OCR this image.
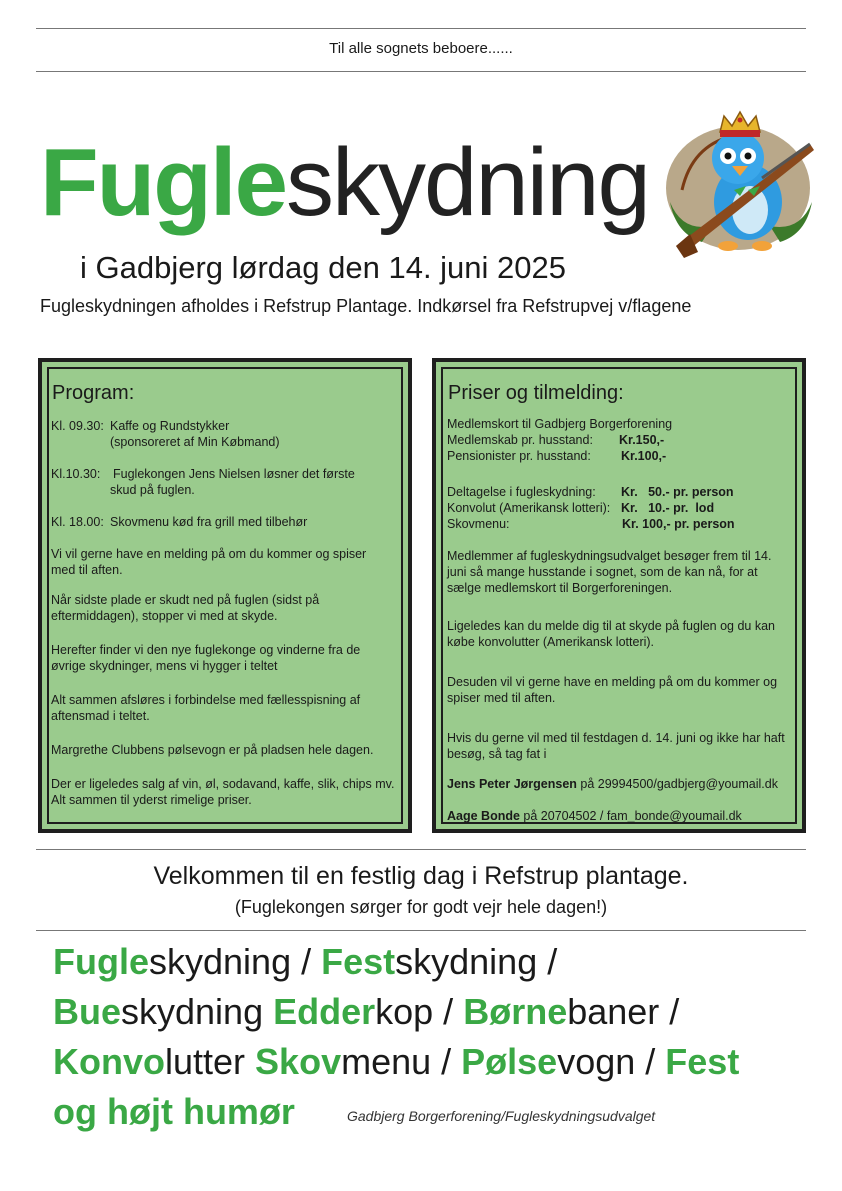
Til alle sognets beboere......
Fugleskydning
i Gadbjerg lørdag den 14. juni 2025
Fugleskydningen afholdes i Refstrup Plantage. Indkørsel fra Refstrupvej v/flagene
Program:
Kl. 09.30: Kaffe og Rundstykker
(sponsoreret af Min Købmand)
Kl.10.30: Fuglekongen Jens Nielsen løsner det første
skud på fuglen.
Kl. 18.00: Skovmenu kød fra grill med tilbehør
Vi vil gerne have en melding på om du kommer og spiser med til aften.
Når sidste plade er skudt ned på fuglen (sidst på eftermiddagen), stopper vi med at skyde.
Herefter finder vi den nye fuglekonge og vinderne fra de øvrige skydninger, mens vi hygger i teltet
Alt sammen afsløres i forbindelse med fællesspisning af aftensmad i teltet.
Margrethe Clubbens pølsevogn er på pladsen hele dagen.
Der er ligeledes salg af vin, øl, sodavand, kaffe, slik, chips mv. Alt sammen til yderst rimelige priser.
Priser og tilmelding:
Medlemskort til Gadbjerg Borgerforening
Medlemskab pr. husstand: Kr.150,-
Pensionister pr. husstand: Kr.100,-
Deltagelse i fugleskydning: Kr.   50.- pr. person
Konvolut (Amerikansk lotteri): Kr.   10.- pr.  lod
Skovmenu:	Kr. 100,- pr. person
Medlemmer af fugleskydningsudvalget besøger frem til 14. juni så mange husstande i sognet, som de kan nå, for at sælge medlemskort til Borgerforeningen.
Ligeledes kan du melde dig til at skyde på fuglen og du kan købe konvolutter (Amerikansk lotteri).
Desuden vil vi gerne have en melding på om du kommer og spiser med til aften.
Hvis du gerne vil med til festdagen d. 14. juni og ikke har haft besøg, så tag fat i
Jens Peter Jørgensen på 29994500/gadbjerg@youmail.dk
Aage Bonde på 20704502 / fam_bonde@youmail.dk
Velkommen til en festlig dag i Refstrup plantage.
(Fuglekongen sørger for godt vejr hele dagen!)
Fugleskydning / Festskydning /
Bueskydning Edderkop / Børnebaner /
Konvolutter Skovmenu / Pølsevogn / Fest
og højt humør	Gadbjerg Borgerforening/Fugleskydningsudvalget
